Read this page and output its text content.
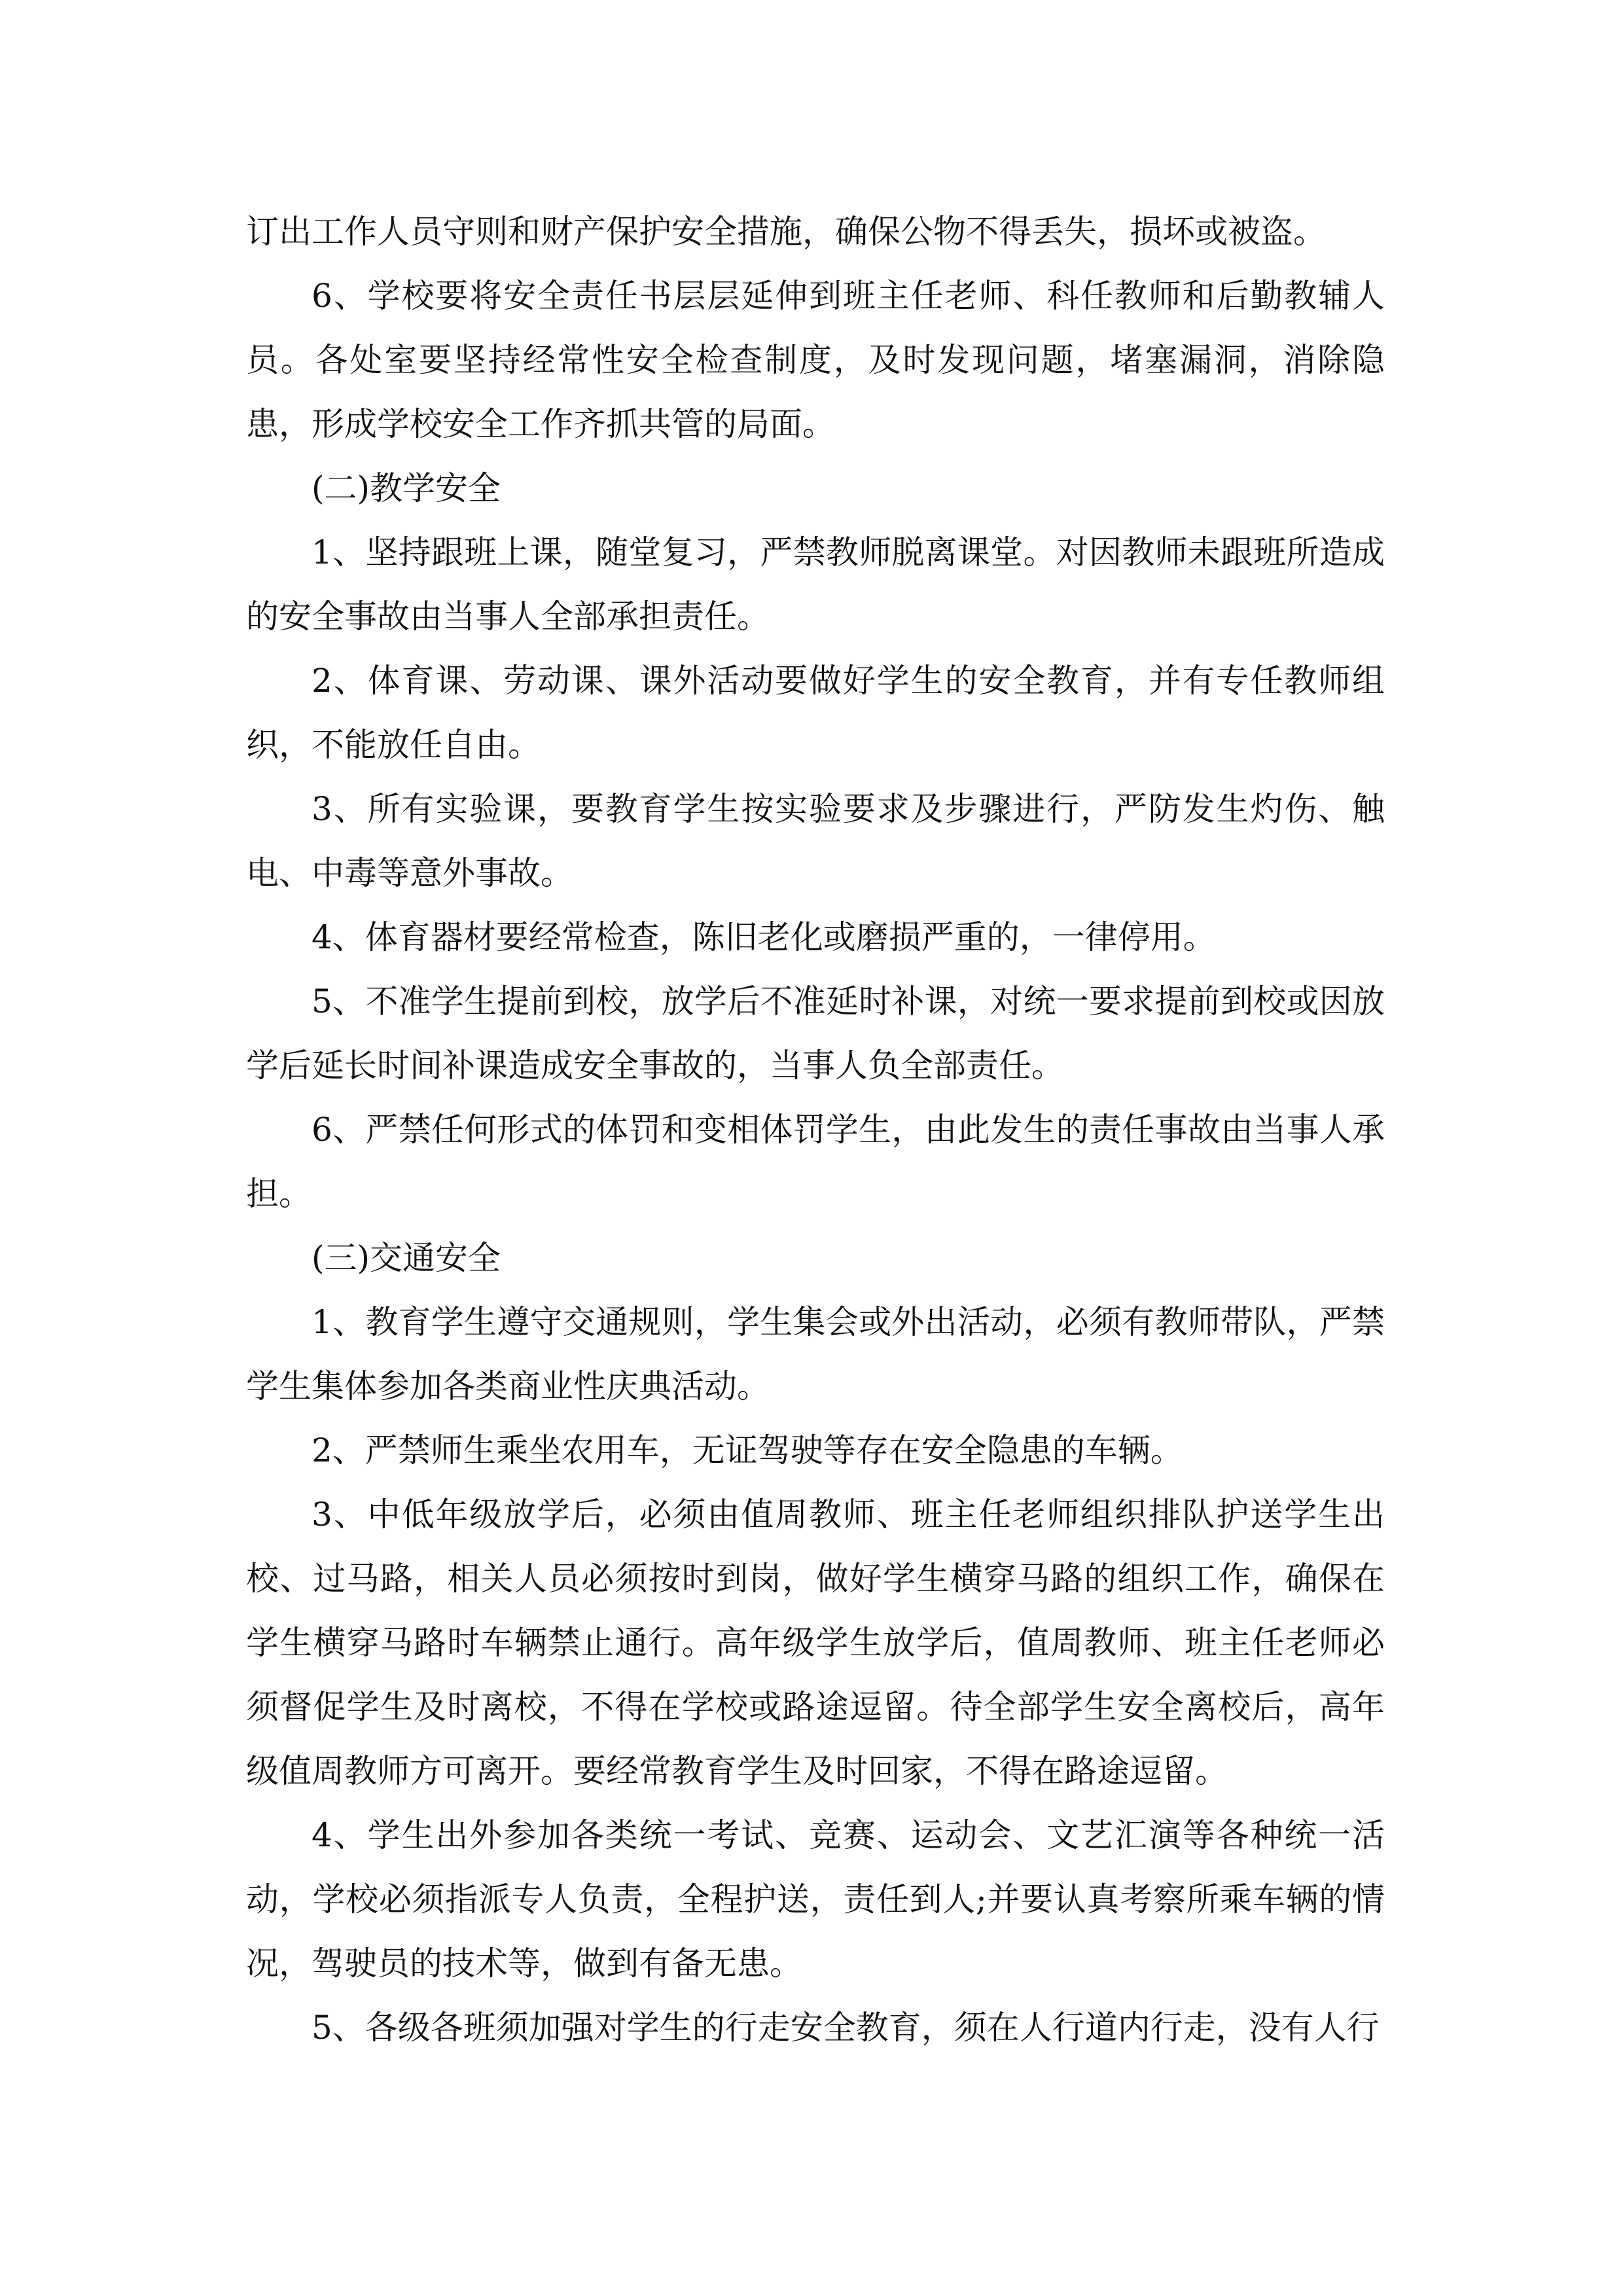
订出工作人员守则和财产保护安全措施，确保公物不得丢失，损坏或被盗。

6、学校要将安全责任书层层延伸到班主任老师、科任教师和后勤教辅人员。各处室要坚持经常性安全检查制度，及时发现问题，堵塞漏洞，消除隐患，形成学校安全工作齐抓共管的局面。

(二)教学安全

1、坚持跟班上课，随堂复习，严禁教师脱离课堂。对因教师未跟班所造成的安全事故由当事人全部承担责任。

2、体育课、劳动课、课外活动要做好学生的安全教育，并有专任教师组织，不能放任自由。

3、所有实验课，要教育学生按实验要求及步骤进行，严防发生灼伤、触电、中毒等意外事故。

4、体育器材要经常检查，陈旧老化或磨损严重的，一律停用。

5、不准学生提前到校，放学后不准延时补课，对统一要求提前到校或因放学后延长时间补课造成安全事故的，当事人负全部责任。

6、严禁任何形式的体罚和变相体罚学生，由此发生的责任事故由当事人承担。

(三)交通安全

1、教育学生遵守交通规则，学生集会或外出活动，必须有教师带队，严禁学生集体参加各类商业性庆典活动。

2、严禁师生乘坐农用车，无证驾驶等存在安全隐患的车辆。

3、中低年级放学后，必须由值周教师、班主任老师组织排队护送学生出校、过马路，相关人员必须按时到岗，做好学生横穿马路的组织工作，确保在学生横穿马路时车辆禁止通行。高年级学生放学后，值周教师、班主任老师必须督促学生及时离校，不得在学校或路途逗留。待全部学生安全离校后，高年级值周教师方可离开。要经常教育学生及时回家，不得在路途逗留。

4、学生出外参加各类统一考试、竞赛、运动会、文艺汇演等各种统一活动，学校必须指派专人负责，全程护送，责任到人;并要认真考察所乘车辆的情况，驾驶员的技术等，做到有备无患。

5、各级各班须加强对学生的行走安全教育，须在人行道内行走，没有人行
